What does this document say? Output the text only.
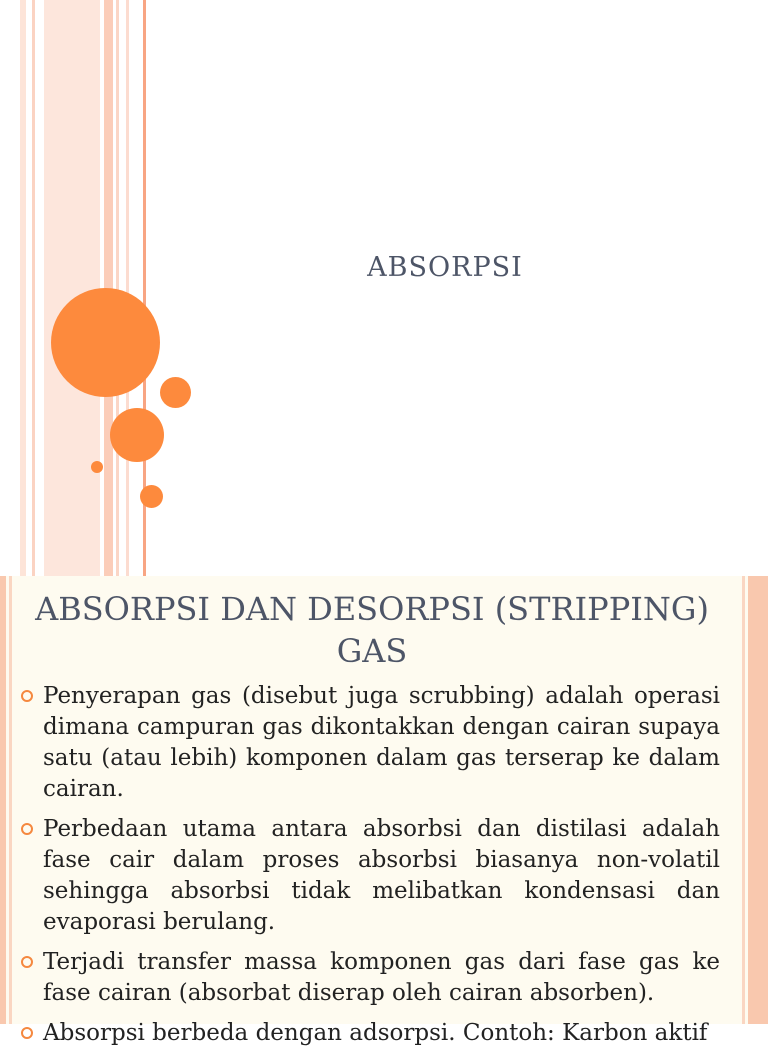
ABSORPSI
ABSORPSI DAN DESORPSI (STRIPPING) GAS
Penyerapan gas (disebut juga scrubbing) adalah operasi dimana campuran gas dikontakkan dengan cairan supaya satu (atau lebih) komponen dalam gas terserap ke dalam cairan.
Perbedaan utama antara absorbsi dan distilasi adalah fase cair dalam proses absorbsi biasanya non-volatil sehingga absorbsi tidak melibatkan kondensasi dan evaporasi berulang.
Terjadi transfer massa komponen gas dari fase gas ke fase cairan (absorbat diserap oleh cairan absorben).
Absorpsi berbeda dengan adsorpsi. Contoh: Karbon aktif
